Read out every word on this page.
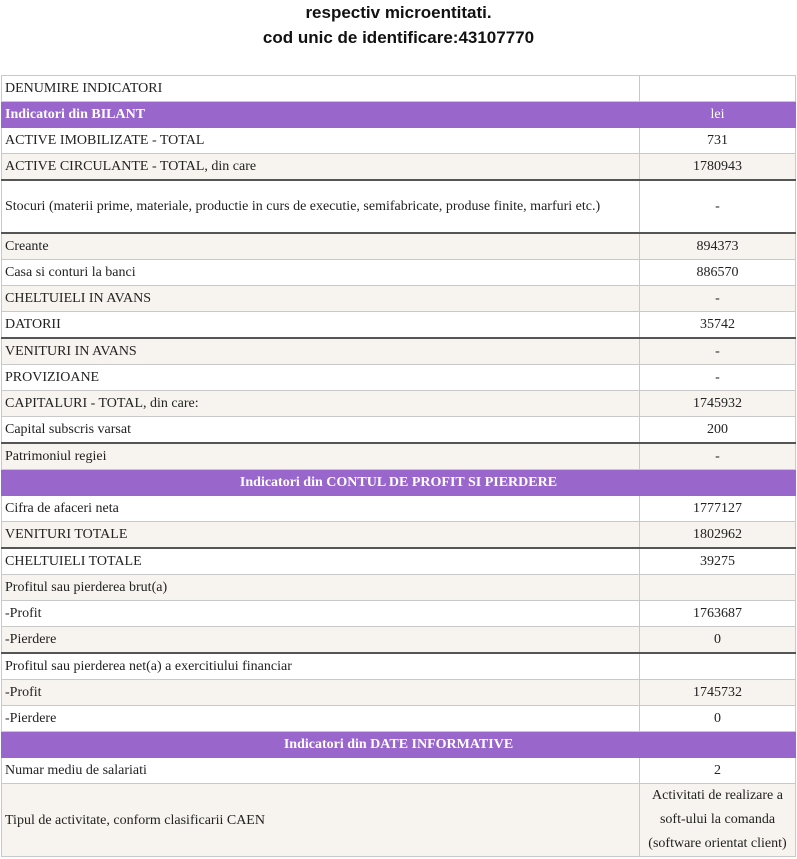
respectiv microentitati.
cod unic de identificare:43107770
DENUMIRE INDICATORI	
Indicatori din BILANT	lei
ACTIVE IMOBILIZATE - TOTAL	731
ACTIVE CIRCULANTE - TOTAL, din care	1780943
Stocuri (materii prime, materiale, productie in curs de executie, semifabricate, produse finite, marfuri etc.)	-
Creante	894373
Casa si conturi la banci	886570
CHELTUIELI IN AVANS	-
DATORII	35742
VENITURI IN AVANS	-
PROVIZIOANE	-
CAPITALURI - TOTAL, din care:	1745932
Capital subscris varsat	200
Patrimoniul regiei	-
Indicatori din CONTUL DE PROFIT SI PIERDERE	
Cifra de afaceri neta	1777127
VENITURI TOTALE	1802962
CHELTUIELI TOTALE	39275
Profitul sau pierderea brut(a)	
-Profit	1763687
-Pierdere	0
Profitul sau pierderea net(a) a exercitiului financiar	
-Profit	1745732
-Pierdere	0
Indicatori din DATE INFORMATIVE	
Numar mediu de salariati	2
Tipul de activitate, conform clasificarii CAEN	Activitati de realizare a soft-ului la comanda (software orientat client)
